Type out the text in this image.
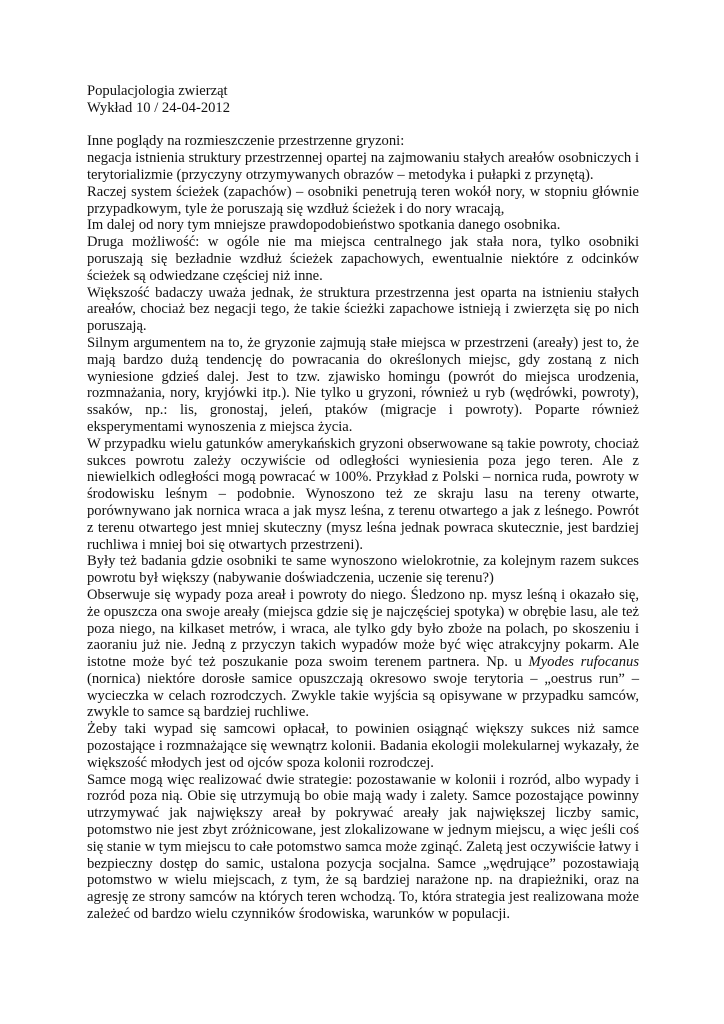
Populacjologia zwierząt

Wykład 10 / 24-04-2012

Inne poglądy na rozmieszczenie przestrzenne gryzoni:

negacja istnienia struktury przestrzennej opartej na zajmowaniu stałych areałów osobniczych i terytorializmie (przyczyny otrzymywanych obrazów – metodyka i pułapki z przynętą).

Raczej system ścieżek (zapachów) – osobniki penetrują teren wokół nory, w stopniu głównie przypadkowym, tyle że poruszają się wzdłuż ścieżek i do nory wracają,

Im dalej od nory tym mniejsze prawdopodobieństwo spotkania danego osobnika.

Druga możliwość: w ogóle nie ma miejsca centralnego jak stała nora, tylko osobniki poruszają się bezładnie wzdłuż ścieżek zapachowych, ewentualnie niektóre z odcinków ścieżek są odwiedzane częściej niż inne.

Większość badaczy uważa jednak, że struktura przestrzenna jest oparta na istnieniu stałych areałów, chociaż bez negacji tego, że takie ścieżki zapachowe istnieją i zwierzęta się po nich poruszają.

Silnym argumentem na to, że gryzonie zajmują stałe miejsca w przestrzeni (areały) jest to, że mają bardzo dużą tendencję do powracania do określonych miejsc, gdy zostaną z nich wyniesione gdzieś dalej. Jest to tzw. zjawisko homingu (powrót do miejsca urodzenia, rozmnażania, nory, kryjówki itp.). Nie tylko u gryzoni, również u ryb (wędrówki, powroty), ssaków, np.: lis, gronostaj, jeleń, ptaków (migracje i powroty). Poparte również eksperymentami wynoszenia z miejsca życia.

W przypadku wielu gatunków amerykańskich gryzoni obserwowane są takie powroty, chociaż sukces powrotu zależy oczywiście od odległości wyniesienia poza jego teren. Ale z niewielkich odległości mogą powracać w 100%. Przykład z Polski – nornica ruda, powroty w środowisku leśnym – podobnie. Wynoszono też ze skraju lasu na tereny otwarte, porównywano jak nornica wraca a jak mysz leśna, z terenu otwartego a jak z leśnego. Powrót z terenu otwartego jest mniej skuteczny (mysz leśna jednak powraca skutecznie, jest bardziej ruchliwa i mniej boi się otwartych przestrzeni).

Były też badania gdzie osobniki te same wynoszono wielokrotnie, za kolejnym razem sukces powrotu był większy (nabywanie doświadczenia, uczenie się terenu?)

Obserwuje się wypady poza areał i powroty do niego. Śledzono np. mysz leśną i okazało się, że opuszcza ona swoje areały (miejsca gdzie się je najczęściej spotyka) w obrębie lasu, ale też poza niego, na kilkaset metrów, i wraca, ale tylko gdy było zboże na polach, po skoszeniu i zaoraniu już nie. Jedną z przyczyn takich wypadów może być więc atrakcyjny pokarm. Ale istotne może być też poszukanie poza swoim terenem partnera. Np. u Myodes rufocanus (nornica) niektóre dorosłe samice opuszczają okresowo swoje terytoria – „oestrus run” – wycieczka w celach rozrodczych. Zwykle takie wyjścia są opisywane w przypadku samców, zwykle to samce są bardziej ruchliwe.

Żeby taki wypad się samcowi opłacał, to powinien osiągnąć większy sukces niż samce pozostające i rozmnażające się wewnątrz kolonii. Badania ekologii molekularnej wykazały, że większość młodych jest od ojców spoza kolonii rozrodczej.

Samce mogą więc realizować dwie strategie: pozostawanie w kolonii i rozród, albo wypady i rozród poza nią. Obie się utrzymują bo obie mają wady i zalety. Samce pozostające powinny utrzymywać jak największy areał by pokrywać areały jak największej liczby samic, potomstwo nie jest zbyt zróżnicowane, jest zlokalizowane w jednym miejscu, a więc jeśli coś się stanie w tym miejscu to całe potomstwo samca może zginąć. Zaletą jest oczywiście łatwy i bezpieczny dostęp do samic, ustalona pozycja socjalna. Samce „wędrujące” pozostawiają potomstwo w wielu miejscach, z tym, że są bardziej narażone np. na drapieżniki, oraz na agresję ze strony samców na których teren wchodzą. To, która strategia jest realizowana może zależeć od bardzo wielu czynników środowiska, warunków w populacji.
